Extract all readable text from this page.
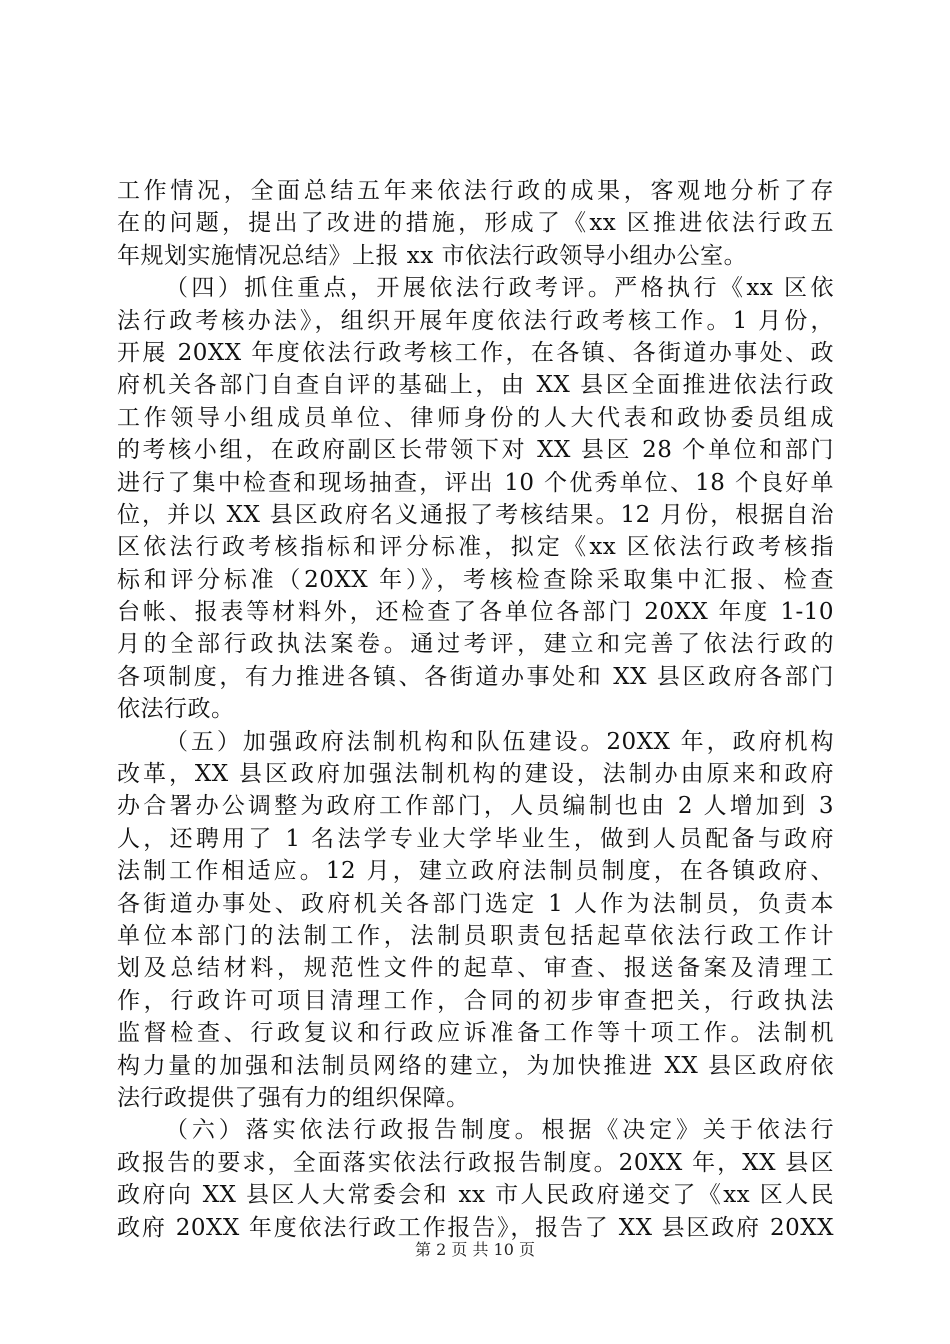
工作情况，全面总结五年来依法行政的成果，客观地分析了存
在的问题，提出了改进的措施，形成了《xx 区推进依法行政五
年规划实施情况总结》上报 xx 市依法行政领导小组办公室。
（四）抓住重点，开展依法行政考评。严格执行《xx 区依
法行政考核办法》，组织开展年度依法行政考核工作。1 月份，
开展 20XX 年度依法行政考核工作，在各镇、各街道办事处、政
府机关各部门自查自评的基础上，由 XX 县区全面推进依法行政
工作领导小组成员单位、律师身份的人大代表和政协委员组成
的考核小组，在政府副区长带领下对 XX 县区 28 个单位和部门
进行了集中检查和现场抽查，评出 10 个优秀单位、18 个良好单
位，并以 XX 县区政府名义通报了考核结果。12 月份，根据自治
区依法行政考核指标和评分标准，拟定《xx 区依法行政考核指
标和评分标准（20XX 年）》，考核检查除采取集中汇报、检查
台帐、报表等材料外，还检查了各单位各部门 20XX 年度 1-10
月的全部行政执法案卷。通过考评，建立和完善了依法行政的
各项制度，有力推进各镇、各街道办事处和 XX 县区政府各部门
依法行政。
（五）加强政府法制机构和队伍建设。20XX 年，政府机构
改革，XX 县区政府加强法制机构的建设，法制办由原来和政府
办合署办公调整为政府工作部门，人员编制也由 2 人增加到 3
人，还聘用了 1 名法学专业大学毕业生，做到人员配备与政府
法制工作相适应。12 月，建立政府法制员制度，在各镇政府、
各街道办事处、政府机关各部门选定 1 人作为法制员，负责本
单位本部门的法制工作，法制员职责包括起草依法行政工作计
划及总结材料，规范性文件的起草、审查、报送备案及清理工
作，行政许可项目清理工作，合同的初步审查把关，行政执法
监督检查、行政复议和行政应诉准备工作等十项工作。法制机
构力量的加强和法制员网络的建立，为加快推进 XX 县区政府依
法行政提供了强有力的组织保障。
（六）落实依法行政报告制度。根据《决定》关于依法行
政报告的要求，全面落实依法行政报告制度。20XX 年，XX 县区
政府向 XX 县区人大常委会和 xx 市人民政府递交了《xx 区人民
政府 20XX 年度依法行政工作报告》，报告了 XX 县区政府 20XX
第 2 页 共 10 页
